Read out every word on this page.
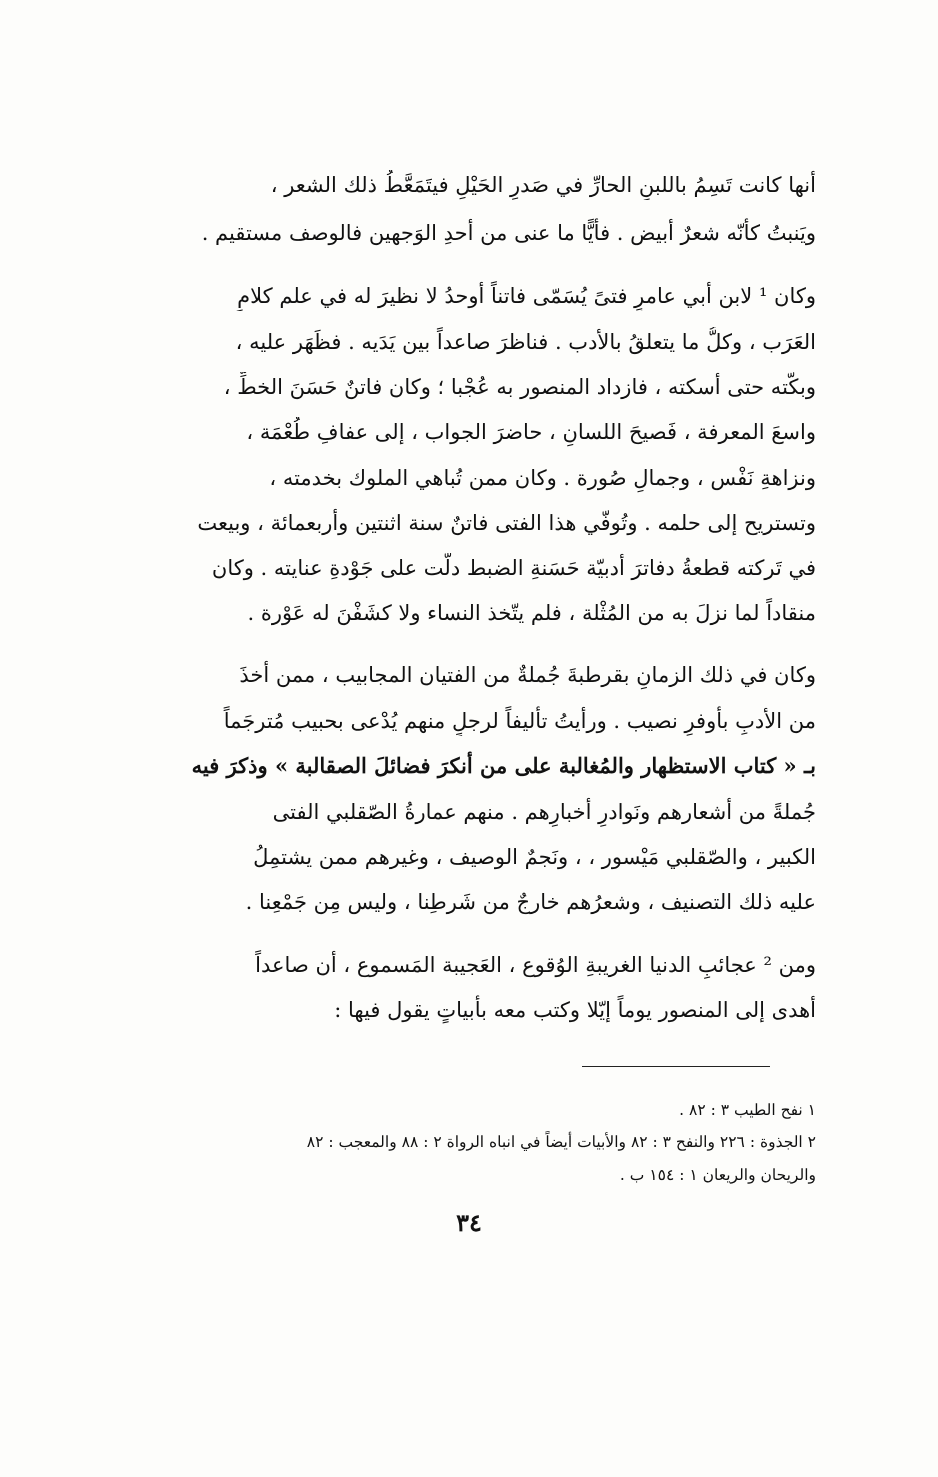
أنها كانت تَسِمُ باللبنِ الحارِّ في صَدرِ الحَيْلِ فيتَمَعَّطُ ذلك الشعر ،
ويَنبتُ كأنّه شعرٌ أبيض . فأيًّا ما عنى من أحدِ الوَجهين فالوصف مستقيم .
وكان ¹ لابن أبي عامرٍ فتىً يُسَمّى فاتناً أوحدُ لا نظيرَ له في علم كلامِ
العَرَب ، وكلُّ ما يتعلقُ بالأدب . فناظرَ صاعداً بين يَدَيه . فظَهَر عليه ،
وبكَّته حتى أسكته ، فازداد المنصور به عُجْبا ؛ وكان فاتنٌ حَسَنَ الخطِّ ،
واسعَ المعرفة ، فَصيحَ اللسانِ ، حاضرَ الجواب ، إلى عفافِ طُعْمَة ،
ونزاهةِ نَفْس ، وجمالِ صُورة . وكان ممن تُباهي الملوك بخدمته ،
وتستريح إلى حلمه . وتُوفّي هذا الفتى فاتنٌ سنة اثنتين وأربعمائة ، وبيعت
في تَركته قطعةُ دفاترَ أدبيّة حَسَنةِ الضبط دلّت على جَوْدةِ عنايته . وكان
منقاداً لما نزلَ به من المُثْلة ، فلم يتّخذ النساء ولا كشَفْنَ له عَوْرة .
وكان في ذلك الزمانِ بقرطبةَ جُملةٌ من الفتيان المجابيب ، ممن أخذَ
من الأدبِ بأوفرِ نصيب . ورأيتُ تأليفاً لرجلٍ منهم يُدْعى بحبيب مُترجَماً
بـ « كتاب الاستظهار والمُغالبة على من أنكرَ فضائلَ الصقالبة » وذكرَ فيه
جُملةً من أشعارهم ونَوادرِ أخبارِهم . منهم عمارةُ الصّقلبي الفتى
الكبير ، والصّقلبي مَيْسور ، ، ونَجمٌ الوصيف ، وغيرهم ممن يشتمِلُ
عليه ذلك التصنيف ، وشعرُهم خارجٌ من شَرطِنا ، وليس مِن جَمْعِنا .
ومن ² عجائبِ الدنيا الغريبةِ الوُقوع ، العَجيبة المَسموع ، أن صاعداً
أهدى إلى المنصور يوماً إيّلا وكتب معه بأبياتٍ يقول فيها :
١ نفح الطيب ٣ : ٨٢ .
٢ الجذوة : ٢٢٦ والنفح ٣ : ٨٢ والأبيات أيضاً في انباه الرواة ٢ : ٨٨ والمعجب : ٨٢
والريحان والريعان ١ : ١٥٤ ب .
٣٤
